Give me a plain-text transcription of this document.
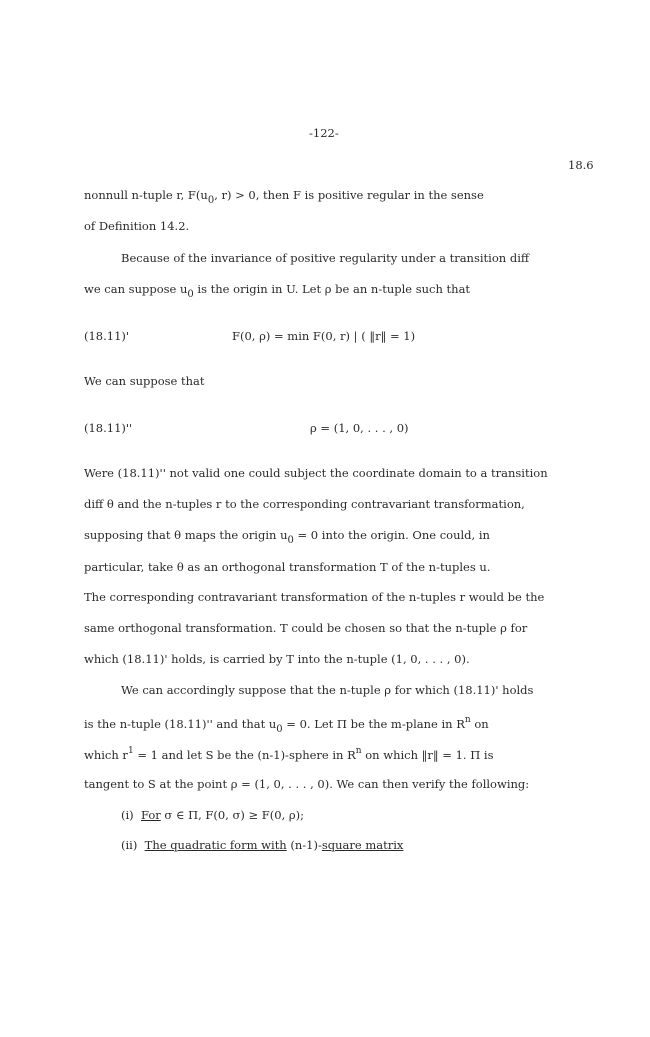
-122-
18.6
nonnull n-tuple r, F(u0, r) > 0, then F is positive regular in the sense
of Definition 14.2.
Because of the invariance of positive regularity under a transition diff
we can suppose u0 is the origin in U. Let ρ be an n-tuple such that
(18.11)'	F(0, ρ) = min F(0, r) | ( ‖r‖ = 1)
We can suppose that
(18.11)''	ρ = (1, 0, . . . , 0)
Were (18.11)'' not valid one could subject the coordinate domain to a transition
diff θ and the n-tuples r to the corresponding contravariant transformation,
supposing that θ maps the origin u0 = 0 into the origin. One could, in
particular, take θ as an orthogonal transformation T of the n-tuples u.
The corresponding contravariant transformation of the n-tuples r would be the
same orthogonal transformation. T could be chosen so that the n-tuple ρ for
which (18.11)' holds, is carried by T into the n-tuple (1, 0, . . . , 0).
We can accordingly suppose that the n-tuple ρ for which (18.11)' holds
is the n-tuple (18.11)'' and that u0 = 0. Let Π be the m-plane in $R^n$ on
which $r^1 = 1$ and let S be the (n-1)-sphere in $R^n$ on which ‖r‖ = 1. Π is
tangent to S at the point ρ = (1, 0, . . . , 0). We can then verify the following:
(i) For σ ∈ Π, F(0, σ) ≥ F(0, ρ);
(ii) The quadratic form with (n-1)-square matrix
